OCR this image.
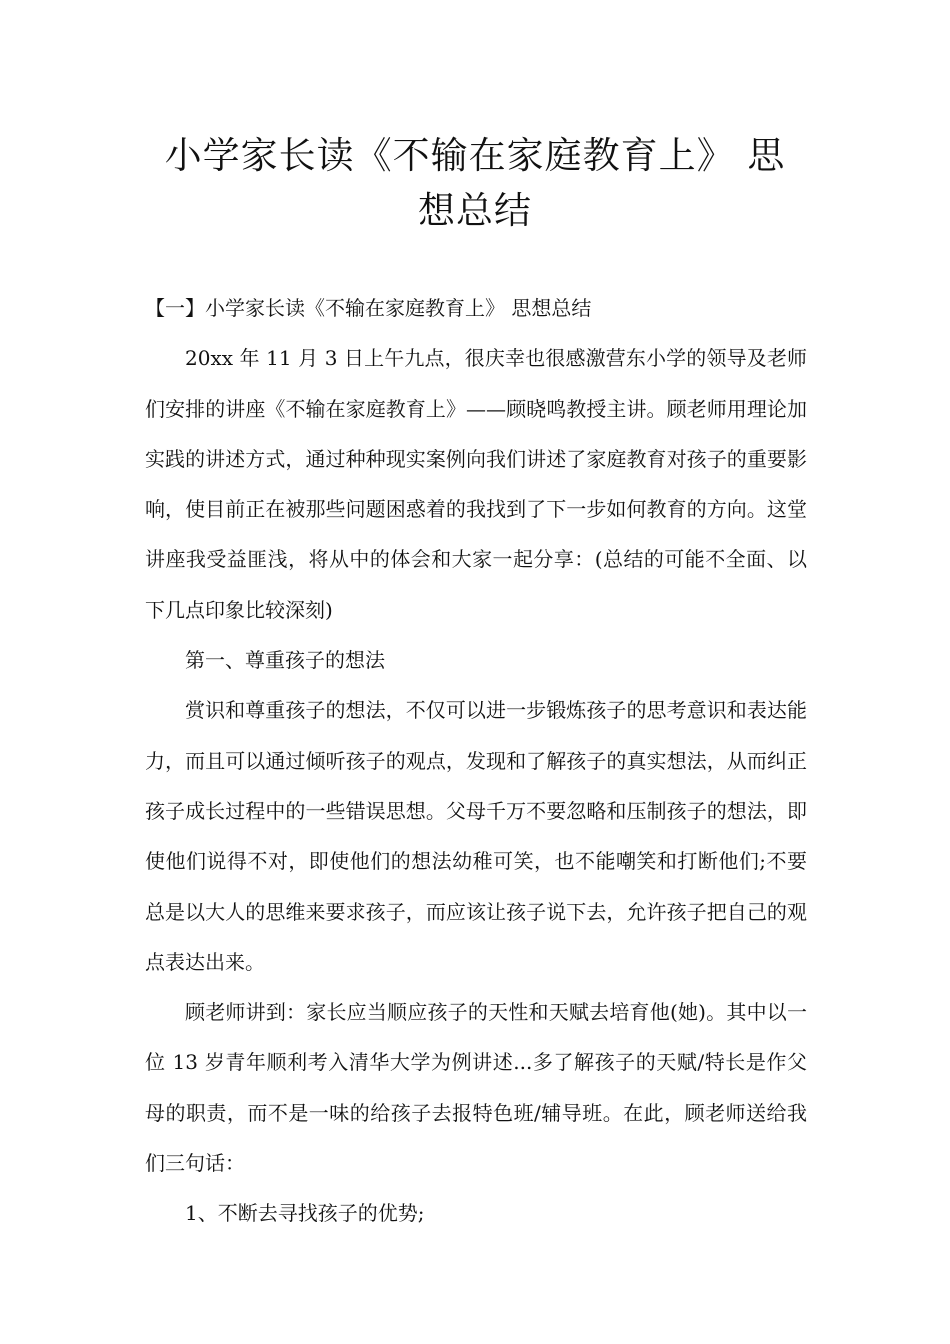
小学家长读《不输在家庭教育上》 思
想总结

【一】小学家长读《不输在家庭教育上》 思想总结

20xx 年 11 月 3 日上午九点，很庆幸也很感激营东小学的领导及老师们安排的讲座《不输在家庭教育上》——顾晓鸣教授主讲。顾老师用理论加实践的讲述方式，通过种种现实案例向我们讲述了家庭教育对孩子的重要影响，使目前正在被那些问题困惑着的我找到了下一步如何教育的方向。这堂讲座我受益匪浅，将从中的体会和大家一起分享：(总结的可能不全面、以下几点印象比较深刻)

第一、尊重孩子的想法

赏识和尊重孩子的想法，不仅可以进一步锻炼孩子的思考意识和表达能力，而且可以通过倾听孩子的观点，发现和了解孩子的真实想法，从而纠正孩子成长过程中的一些错误思想。父母千万不要忽略和压制孩子的想法，即使他们说得不对，即使他们的想法幼稚可笑，也不能嘲笑和打断他们;不要总是以大人的思维来要求孩子，而应该让孩子说下去，允许孩子把自己的观点表达出来。

顾老师讲到：家长应当顺应孩子的天性和天赋去培育他(她)。其中以一位 13 岁青年顺利考入清华大学为例讲述...多了解孩子的天赋/特长是作父母的职责，而不是一味的给孩子去报特色班/辅导班。在此，顾老师送给我们三句话：

1、不断去寻找孩子的优势;
